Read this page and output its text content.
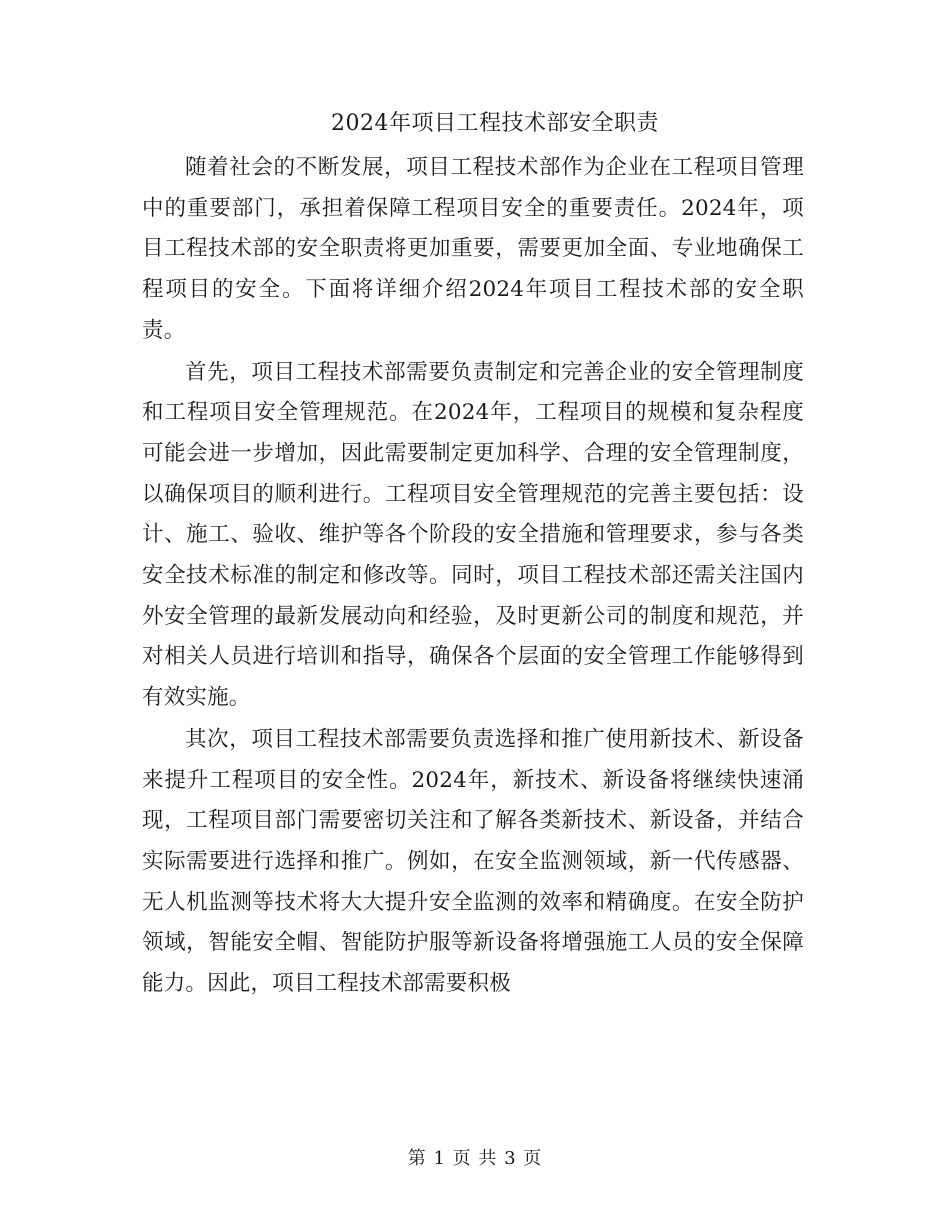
2024年项目工程技术部安全职责

随着社会的不断发展，项目工程技术部作为企业在工程项目管理中的重要部门，承担着保障工程项目安全的重要责任。2024年，项目工程技术部的安全职责将更加重要，需要更加全面、专业地确保工程项目的安全。下面将详细介绍2024年项目工程技术部的安全职责。

首先，项目工程技术部需要负责制定和完善企业的安全管理制度和工程项目安全管理规范。在2024年，工程项目的规模和复杂程度可能会进一步增加，因此需要制定更加科学、合理的安全管理制度，以确保项目的顺利进行。工程项目安全管理规范的完善主要包括：设计、施工、验收、维护等各个阶段的安全措施和管理要求，参与各类安全技术标准的制定和修改等。同时，项目工程技术部还需关注国内外安全管理的最新发展动向和经验，及时更新公司的制度和规范，并对相关人员进行培训和指导，确保各个层面的安全管理工作能够得到有效实施。

其次，项目工程技术部需要负责选择和推广使用新技术、新设备来提升工程项目的安全性。2024年，新技术、新设备将继续快速涌现，工程项目部门需要密切关注和了解各类新技术、新设备，并结合实际需要进行选择和推广。例如，在安全监测领域，新一代传感器、无人机监测等技术将大大提升安全监测的效率和精确度。在安全防护领域，智能安全帽、智能防护服等新设备将增强施工人员的安全保障能力。因此，项目工程技术部需要积极

第 1 页 共 3 页
